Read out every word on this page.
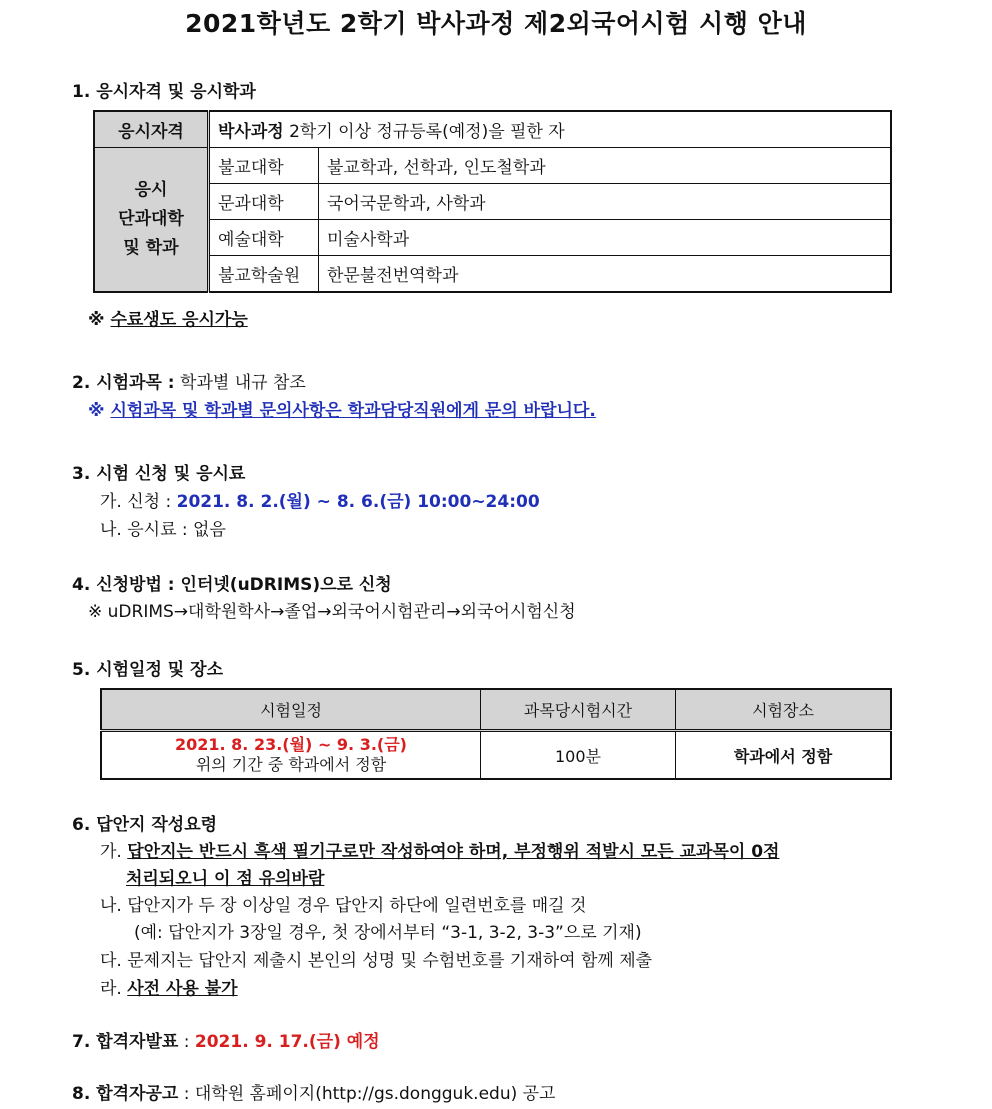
2021학년도 2학기 박사과정 제2외국어시험 시행 안내
1. 응시자격 및 응시학과
응시자격	박사과정 2학기 이상 정규등록(예정)을 필한 자	
응시
단과대학
및 학과	불교대학	불교학과, 선학과, 인도철학과
	문과대학	국어국문학과, 사학과
	예술대학	미술사학과
	불교학술원	한문불전번역학과
※ 수료생도 응시가능
2. 시험과목 : 학과별 내규 참조
※ 시험과목 및 학과별 문의사항은 학과담당직원에게 문의 바랍니다.
3. 시험 신청 및 응시료
가. 신청 : 2021. 8. 2.(월) ~ 8. 6.(금) 10:00~24:00
나. 응시료 : 없음
4. 신청방법 : 인터넷(uDRIMS)으로 신청
※ uDRIMS→대학원학사→졸업→외국어시험관리→외국어시험신청
5. 시험일정 및 장소
시험일정	과목당시험시간	시험장소
2021. 8. 23.(월) ~ 9. 3.(금)
위의 기간 중 학과에서 정함	100분	학과에서 정함
6. 답안지 작성요령
가. 답안지는 반드시 흑색 필기구로만 작성하여야 하며, 부정행위 적발시 모든 교과목이 0점
처리되오니 이 점 유의바람
나. 답안지가 두 장 이상일 경우 답안지 하단에 일련번호를 매길 것
(예: 답안지가 3장일 경우, 첫 장에서부터 “3-1, 3-2, 3-3”으로 기재)
다. 문제지는 답안지 제출시 본인의 성명 및 수험번호를 기재하여 함께 제출
라. 사전 사용 불가
7. 합격자발표 : 2021. 9. 17.(금) 예정
8. 합격자공고 : 대학원 홈페이지(http://gs.dongguk.edu) 공고
